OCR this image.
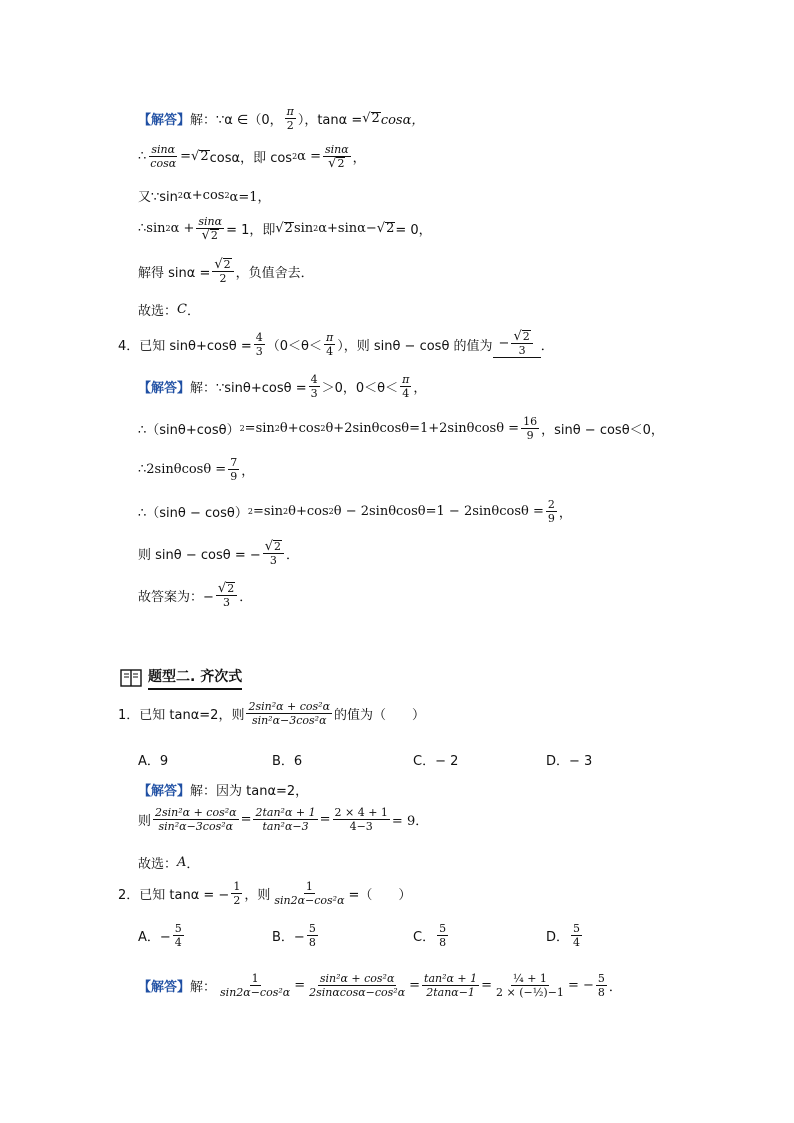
【解答】 解：∵α ∈（0， $\frac{\pi}{2}$ ），tanα = √ 2 cosα，
∴ $\frac{\sin\alpha}{\cos\alpha}$ = √ 2 cosα，即 cos 2 $\alpha = \frac{\sin\alpha}{√ 2}$ ，
又∵sin 2 α+cos 2 α=1，
∴sin 2 $\alpha + \frac{\sin\alpha}{√ 2} = 1$，即 √ 2 sin 2 α+sinα− √ 2 = 0，
解得 $\sin\alpha = \frac{√ 2}{2}$ ，负值舍去．
故选： C ．
4．已知 $\sin\theta+\cos\theta = \frac{4}{3} (0<\theta< \frac{\pi}{4}$ ），则 sinθ − cosθ 的值为 − $\frac{√ 2}{3}$ ．
【解答】 解：∵sinθ+cosθ = $\frac{4}{3} >0$，$0<\theta< \frac{\pi}{4}$ ，
∴（sinθ+cosθ） 2 =sin 2 θ+cos 2 $\theta+2\sin\theta\cos\theta=1+2\sin\theta\cos\theta = \frac{16}{9}$ ，sinθ − cosθ＜0，
∴2sinθcosθ = $\frac{7}{9}$ ，
∴（sinθ − cosθ） 2 =sin 2 θ+cos 2 $\theta - 2\sin\theta\cos\theta=1 - 2\sin\theta\cos\theta = \frac{2}{9}$ ，
则 sinθ − cosθ = − $\frac{√ 2}{3}$ ．
故答案为：− $\frac{√ 2}{3}$ ．
题型二. 齐次式
1．已知 tanα=2，则 $\frac{\text{2sin²α + cos²α}}{\text{sin²α−3cos²α}}$ 的值为（　　）
A．9	B．6	C．− 2	D．− 3
【解答】 解：因为 tanα=2，
则 $\frac{\text{2sin²α + cos²α}}{\text{sin²α−3cos²α}} = \frac{\text{2tan²α + 1}}{\text{tan²α−3}} = \frac{2 \times 4 + 1}{4-3} = 9$．
故选： A ．
2．已知 tanα = − $\frac{1}{2}$ ，则 $\frac{1}{\text{sin2α−cos²α}}$ =（　　）
A．− $\frac{5}{4}$	B．− $\frac{5}{8}$	C． $\frac{5}{8}$	D． $\frac{5}{4}$
【解答】 解： $\frac{1}{\text{sin2α−cos²α}} = \frac{\text{sin²α + cos²α}}{\text{2sinαcosα−cos²α}} = \frac{\text{tan²α + 1}}{2\tan\alpha-1} = \frac{\text{¼ + 1}}{\text{2 × (−½)−1}}$ = − $\frac{5}{8}$ ．
